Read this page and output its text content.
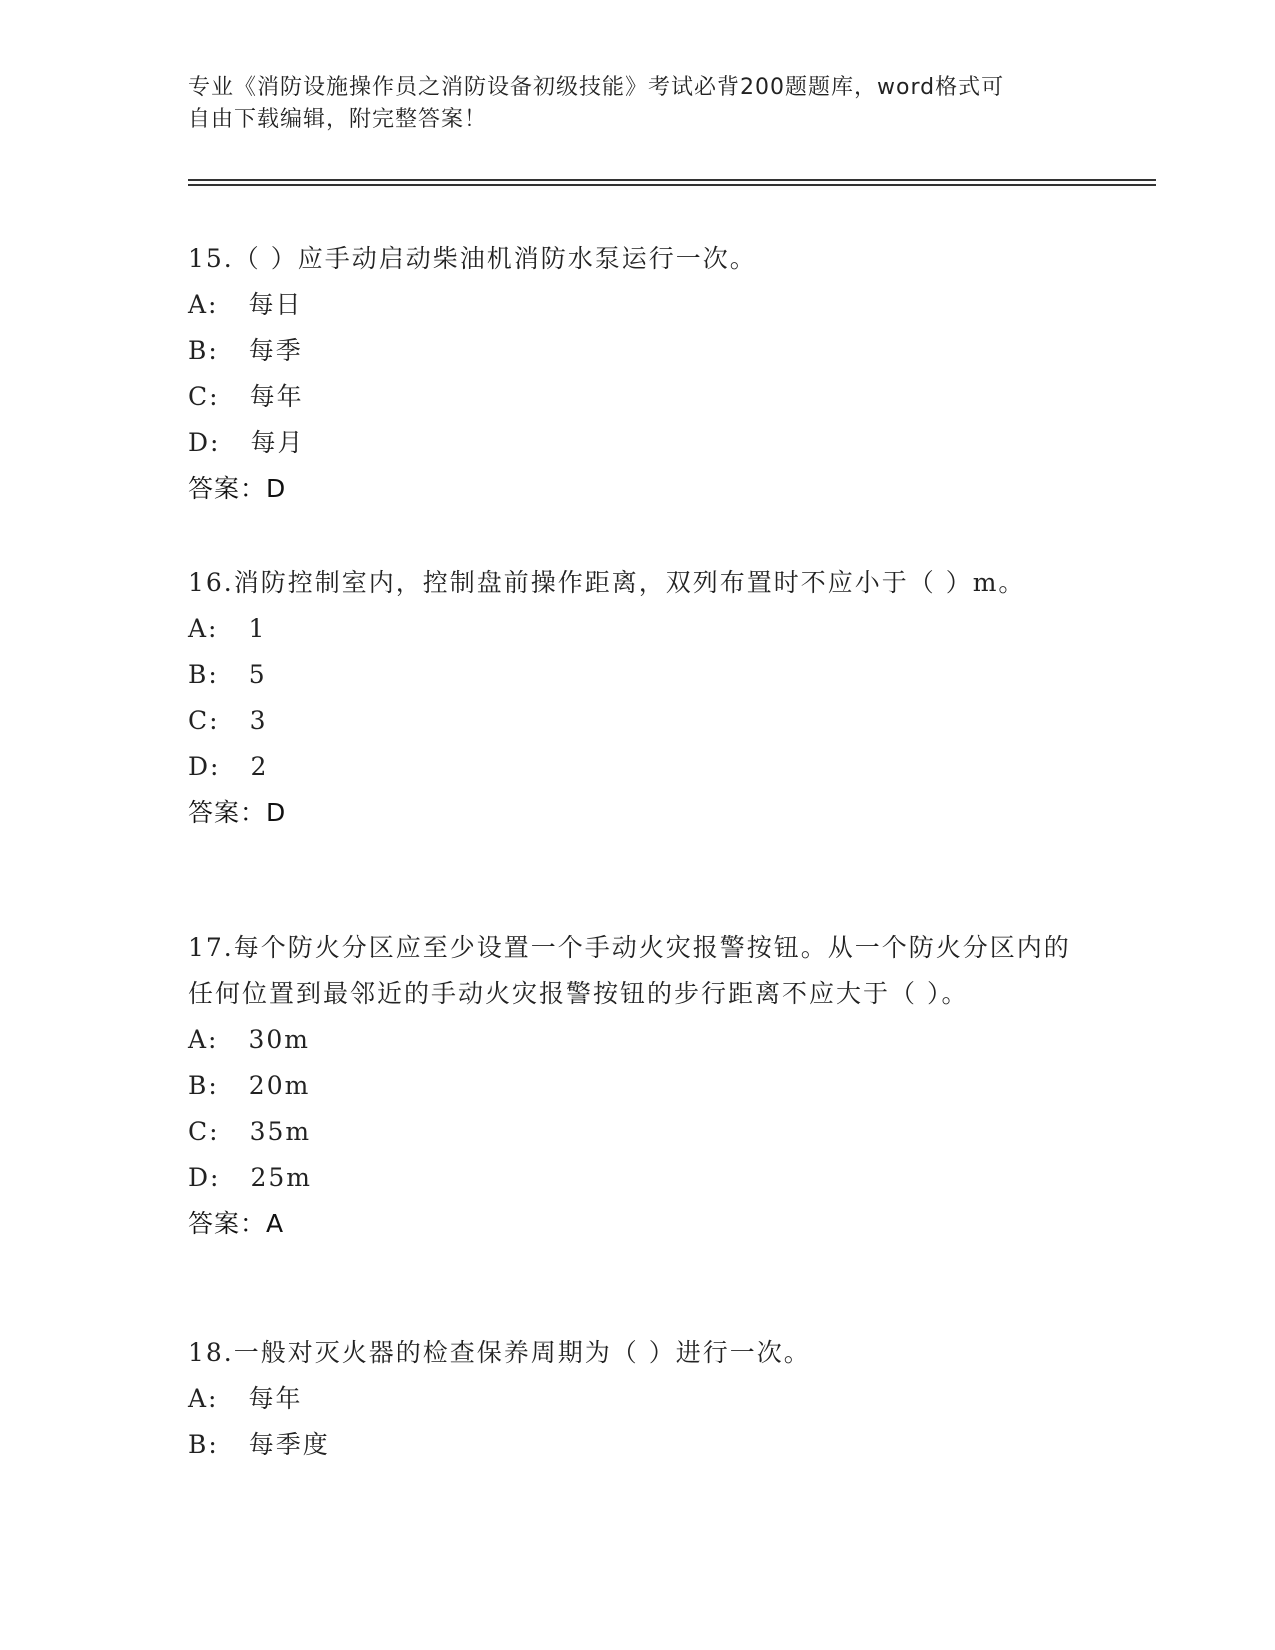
专业《消防设施操作员之消防设备初级技能》考试必背200题题库，word格式可
自由下载编辑，附完整答案！

15.（ ）应手动启动柴油机消防水泵运行一次。

A: 每日

B: 每季

C: 每年

D: 每月

答案：D

16.消防控制室内，控制盘前操作距离，双列布置时不应小于（ ）m。

A: 1

B: 5

C: 3

D: 2

答案：D

17.每个防火分区应至少设置一个手动火灾报警按钮。从一个防火分区内的任何位置到最邻近的手动火灾报警按钮的步行距离不应大于（ ）。

A: 30m

B: 20m

C: 35m

D: 25m

答案：A

18.一般对灭火器的检查保养周期为（ ）进行一次。

A: 每年

B: 每季度
